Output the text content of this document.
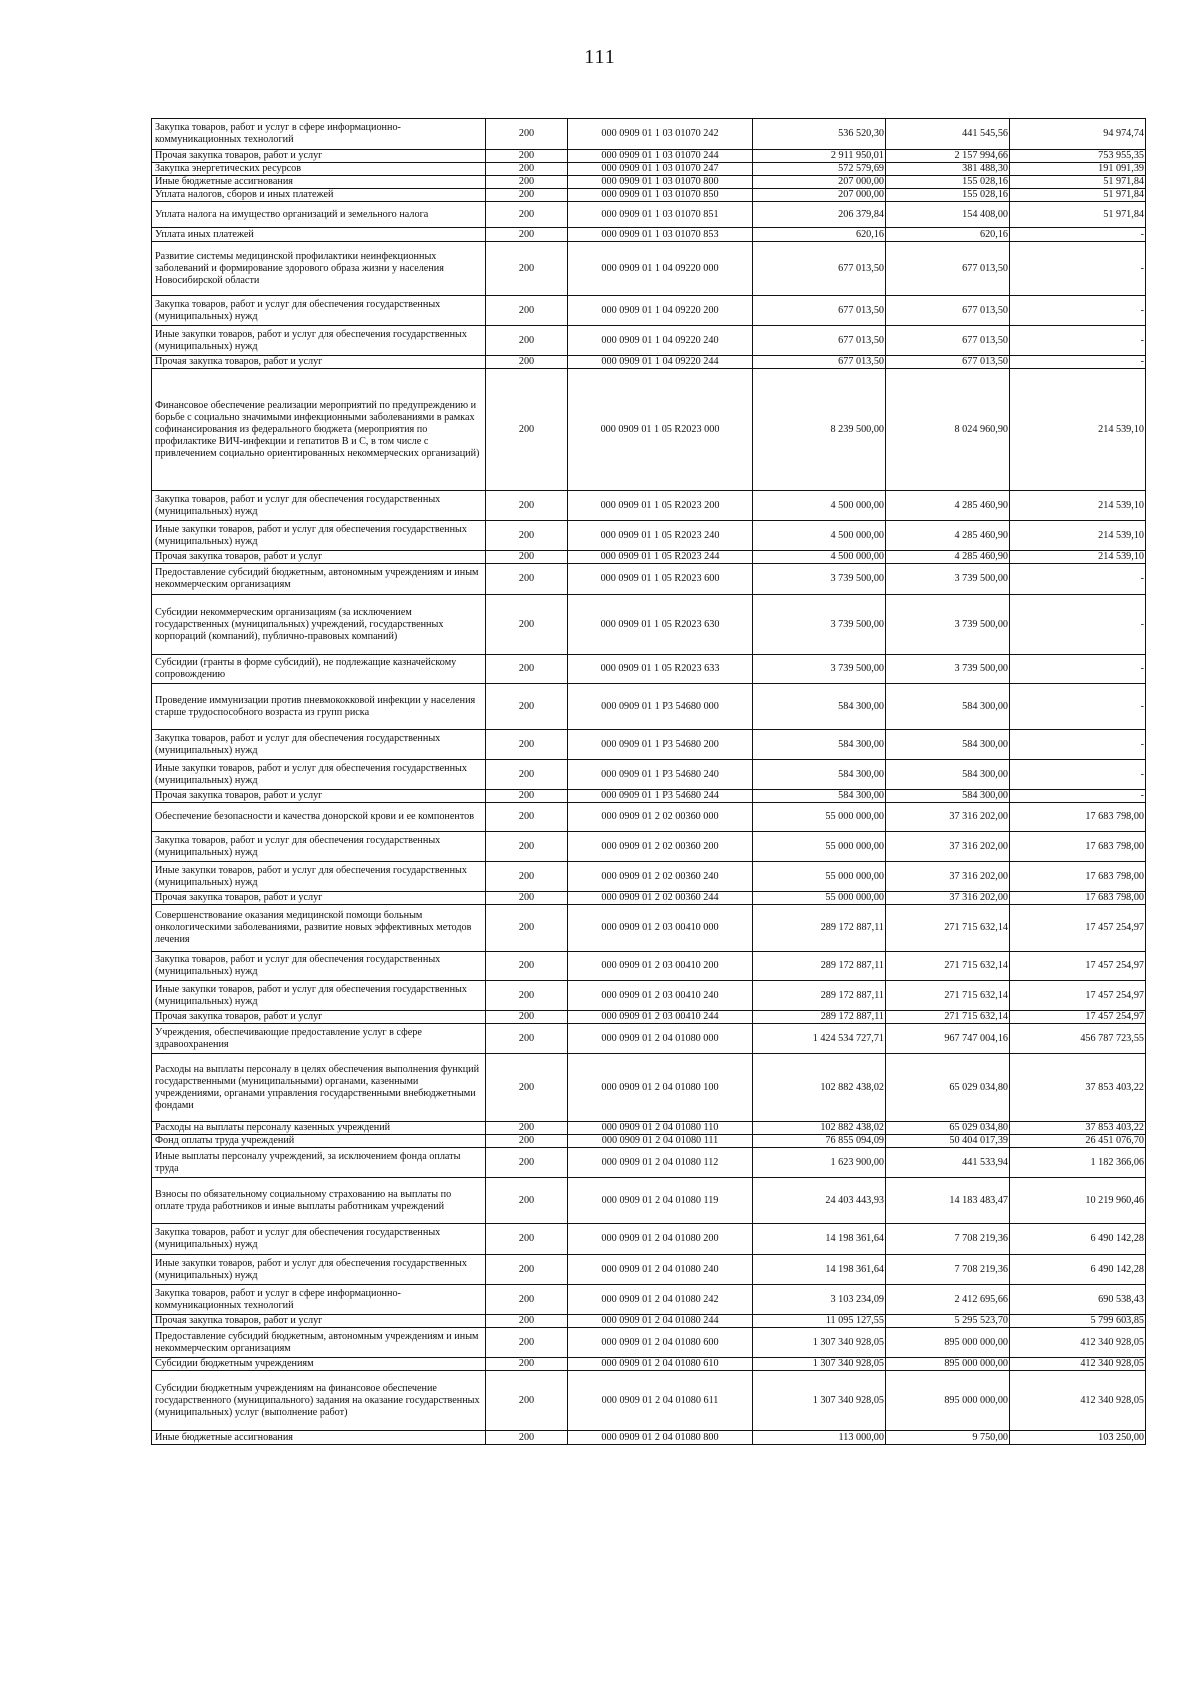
111
Закупка товаров, работ и услуг в сфере информационно-коммуникационных технологий	200	000 0909 01 1 03 01070 242	536 520,30	441 545,56	94 974,74
Прочая закупка товаров, работ и услуг	200	000 0909 01 1 03 01070 244	2 911 950,01	2 157 994,66	753 955,35
Закупка энергетических ресурсов	200	000 0909 01 1 03 01070 247	572 579,69	381 488,30	191 091,39
Иные бюджетные ассигнования	200	000 0909 01 1 03 01070 800	207 000,00	155 028,16	51 971,84
Уплата налогов, сборов и иных платежей	200	000 0909 01 1 03 01070 850	207 000,00	155 028,16	51 971,84
Уплата налога на имущество организаций и земельного налога	200	000 0909 01 1 03 01070 851	206 379,84	154 408,00	51 971,84
Уплата иных платежей	200	000 0909 01 1 03 01070 853	620,16	620,16	-
Развитие системы медицинской профилактики неинфекционных заболеваний и формирование здорового образа жизни у населения Новосибирской области	200	000 0909 01 1 04 09220 000	677 013,50	677 013,50	-
Закупка товаров, работ и услуг для обеспечения государственных (муниципальных) нужд	200	000 0909 01 1 04 09220 200	677 013,50	677 013,50	-
Иные закупки товаров, работ и услуг для обеспечения государственных (муниципальных) нужд	200	000 0909 01 1 04 09220 240	677 013,50	677 013,50	-
Прочая закупка товаров, работ и услуг	200	000 0909 01 1 04 09220 244	677 013,50	677 013,50	-
Финансовое обеспечение реализации мероприятий по предупреждению и борьбе с социально значимыми инфекционными заболеваниями в рамках софинансирования из федерального бюджета (мероприятия по профилактике ВИЧ-инфекции и гепатитов В и С, в том числе с привлечением социально ориентированных некоммерческих организаций)	200	000 0909 01 1 05 R2023 000	8 239 500,00	8 024 960,90	214 539,10
Закупка товаров, работ и услуг для обеспечения государственных (муниципальных) нужд	200	000 0909 01 1 05 R2023 200	4 500 000,00	4 285 460,90	214 539,10
Иные закупки товаров, работ и услуг для обеспечения государственных (муниципальных) нужд	200	000 0909 01 1 05 R2023 240	4 500 000,00	4 285 460,90	214 539,10
Прочая закупка товаров, работ и услуг	200	000 0909 01 1 05 R2023 244	4 500 000,00	4 285 460,90	214 539,10
Предоставление субсидий бюджетным, автономным учреждениям и иным некоммерческим организациям	200	000 0909 01 1 05 R2023 600	3 739 500,00	3 739 500,00	-
Субсидии некоммерческим организациям (за исключением государственных (муниципальных) учреждений, государственных корпораций (компаний), публично-правовых компаний)	200	000 0909 01 1 05 R2023 630	3 739 500,00	3 739 500,00	-
Субсидии (гранты в форме субсидий), не подлежащие казначейскому сопровождению	200	000 0909 01 1 05 R2023 633	3 739 500,00	3 739 500,00	-
Проведение иммунизации против пневмококковой инфекции у населения старше трудоспособного возраста из групп риска	200	000 0909 01 1 P3 54680 000	584 300,00	584 300,00	-
Закупка товаров, работ и услуг для обеспечения государственных (муниципальных) нужд	200	000 0909 01 1 P3 54680 200	584 300,00	584 300,00	-
Иные закупки товаров, работ и услуг для обеспечения государственных (муниципальных) нужд	200	000 0909 01 1 P3 54680 240	584 300,00	584 300,00	-
Прочая закупка товаров, работ и услуг	200	000 0909 01 1 P3 54680 244	584 300,00	584 300,00	-
Обеспечение безопасности и качества донорской крови и ее компонентов	200	000 0909 01 2 02 00360 000	55 000 000,00	37 316 202,00	17 683 798,00
Закупка товаров, работ и услуг для обеспечения государственных (муниципальных) нужд	200	000 0909 01 2 02 00360 200	55 000 000,00	37 316 202,00	17 683 798,00
Иные закупки товаров, работ и услуг для обеспечения государственных (муниципальных) нужд	200	000 0909 01 2 02 00360 240	55 000 000,00	37 316 202,00	17 683 798,00
Прочая закупка товаров, работ и услуг	200	000 0909 01 2 02 00360 244	55 000 000,00	37 316 202,00	17 683 798,00
Совершенствование оказания медицинской помощи больным онкологическими заболеваниями, развитие новых эффективных методов лечения	200	000 0909 01 2 03 00410 000	289 172 887,11	271 715 632,14	17 457 254,97
Закупка товаров, работ и услуг для обеспечения государственных (муниципальных) нужд	200	000 0909 01 2 03 00410 200	289 172 887,11	271 715 632,14	17 457 254,97
Иные закупки товаров, работ и услуг для обеспечения государственных (муниципальных) нужд	200	000 0909 01 2 03 00410 240	289 172 887,11	271 715 632,14	17 457 254,97
Прочая закупка товаров, работ и услуг	200	000 0909 01 2 03 00410 244	289 172 887,11	271 715 632,14	17 457 254,97
Учреждения, обеспечивающие предоставление услуг в сфере здравоохранения	200	000 0909 01 2 04 01080 000	1 424 534 727,71	967 747 004,16	456 787 723,55
Расходы на выплаты персоналу в целях обеспечения выполнения функций государственными (муниципальными) органами, казенными учреждениями, органами управления государственными внебюджетными фондами	200	000 0909 01 2 04 01080 100	102 882 438,02	65 029 034,80	37 853 403,22
Расходы на выплаты персоналу казенных учреждений	200	000 0909 01 2 04 01080 110	102 882 438,02	65 029 034,80	37 853 403,22
Фонд оплаты труда учреждений	200	000 0909 01 2 04 01080 111	76 855 094,09	50 404 017,39	26 451 076,70
Иные выплаты персоналу учреждений, за исключением фонда оплаты труда	200	000 0909 01 2 04 01080 112	1 623 900,00	441 533,94	1 182 366,06
Взносы по обязательному социальному страхованию на выплаты по оплате труда работников и иные выплаты работникам учреждений	200	000 0909 01 2 04 01080 119	24 403 443,93	14 183 483,47	10 219 960,46
Закупка товаров, работ и услуг для обеспечения государственных (муниципальных) нужд	200	000 0909 01 2 04 01080 200	14 198 361,64	7 708 219,36	6 490 142,28
Иные закупки товаров, работ и услуг для обеспечения государственных (муниципальных) нужд	200	000 0909 01 2 04 01080 240	14 198 361,64	7 708 219,36	6 490 142,28
Закупка товаров, работ и услуг в сфере информационно-коммуникационных технологий	200	000 0909 01 2 04 01080 242	3 103 234,09	2 412 695,66	690 538,43
Прочая закупка товаров, работ и услуг	200	000 0909 01 2 04 01080 244	11 095 127,55	5 295 523,70	5 799 603,85
Предоставление субсидий бюджетным, автономным учреждениям и иным некоммерческим организациям	200	000 0909 01 2 04 01080 600	1 307 340 928,05	895 000 000,00	412 340 928,05
Субсидии бюджетным учреждениям	200	000 0909 01 2 04 01080 610	1 307 340 928,05	895 000 000,00	412 340 928,05
Субсидии бюджетным учреждениям на финансовое обеспечение государственного (муниципального) задания на оказание государственных (муниципальных) услуг (выполнение работ)	200	000 0909 01 2 04 01080 611	1 307 340 928,05	895 000 000,00	412 340 928,05
Иные бюджетные ассигнования	200	000 0909 01 2 04 01080 800	113 000,00	9 750,00	103 250,00
